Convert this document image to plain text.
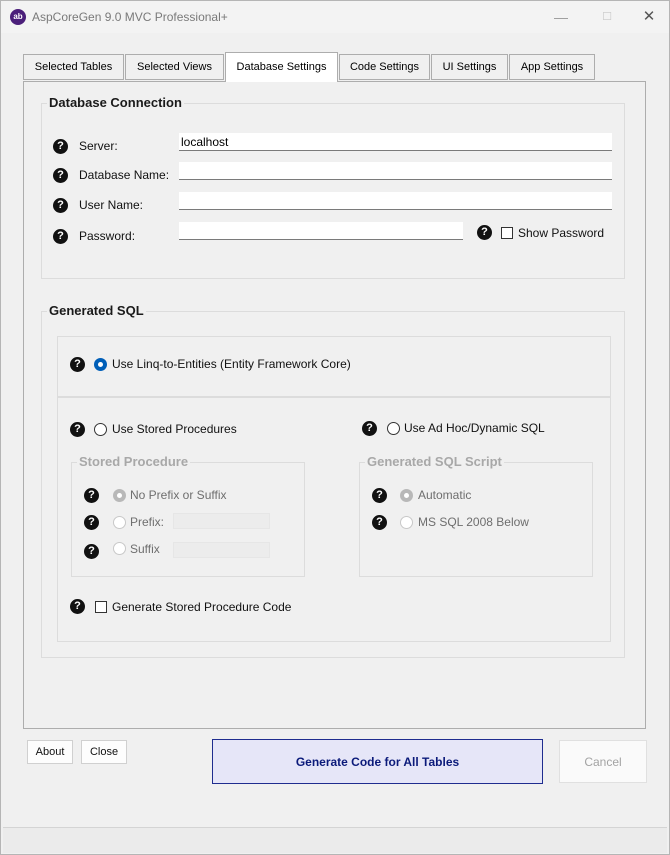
ab AspCoreGen 9.0 MVC Professional+	—	☐	✕
Selected Tables	Selected Views	Database Settings	Code Settings	UI Settings	App Settings
Database Connection
?	Server:
localhost
?	Database Name:
?	User Name:
?	Password:	?	Show Password
Generated SQL
?	Use Linq-to-Entities (Entity Framework Core)
?	Use Stored Procedures	?	Use Ad Hoc/Dynamic SQL
Stored Procedure
?	No Prefix or Suffix
?	Prefix:
?	Suffix
Generated SQL Script
?	Automatic
?	MS SQL 2008 Below
?	Generate Stored Procedure Code
About	Close
Generate Code for All Tables	Cancel
